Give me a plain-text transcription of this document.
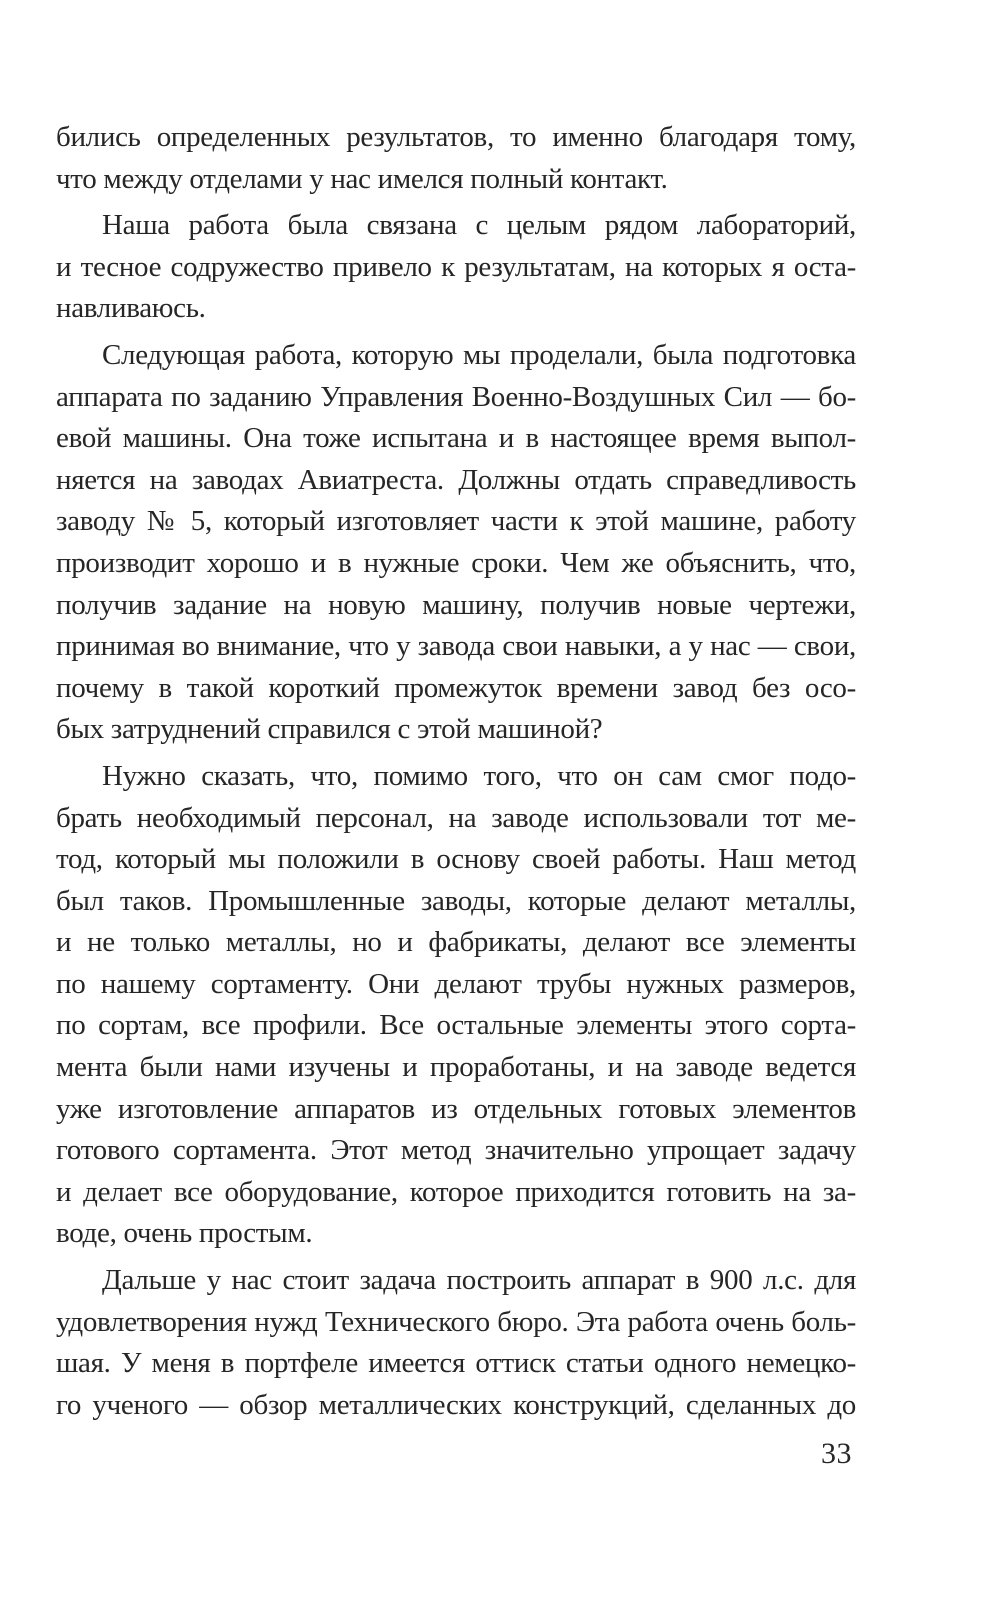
бились определенных результатов, то именно благодаря тому,
что между отделами у нас имелся полный контакт.
Наша работа была связана с целым рядом лабораторий,
и тесное содружество привело к результатам, на которых я оста-
навливаюсь.
Следующая работа, которую мы проделали, была подготовка
аппарата по заданию Управления Военно-Воздушных Сил — бо-
евой машины. Она тоже испытана и в настоящее время выпол-
няется на заводах Авиатреста. Должны отдать справедливость
заводу № 5, который изготовляет части к этой машине, работу
производит хорошо и в нужные сроки. Чем же объяснить, что,
получив задание на новую машину, получив новые чертежи,
принимая во внимание, что у завода свои навыки, а у нас — свои,
почему в такой короткий промежуток времени завод без осо-
бых затруднений справился с этой машиной?
Нужно сказать, что, помимо того, что он сам смог подо-
брать необходимый персонал, на заводе использовали тот ме-
тод, который мы положили в основу своей работы. Наш метод
был таков. Промышленные заводы, которые делают металлы,
и не только металлы, но и фабрикаты, делают все элементы
по нашему сортаменту. Они делают трубы нужных размеров,
по сортам, все профили. Все остальные элементы этого сорта-
мента были нами изучены и проработаны, и на заводе ведется
уже изготовление аппаратов из отдельных готовых элементов
готового сортамента. Этот метод значительно упрощает задачу
и делает все оборудование, которое приходится готовить на за-
воде, очень простым.
Дальше у нас стоит задача построить аппарат в 900 л.с. для
удовлетворения нужд Технического бюро. Эта работа очень боль-
шая. У меня в портфеле имеется оттиск статьи одного немецко-
го ученого — обзор металлических конструкций, сделанных до
33
